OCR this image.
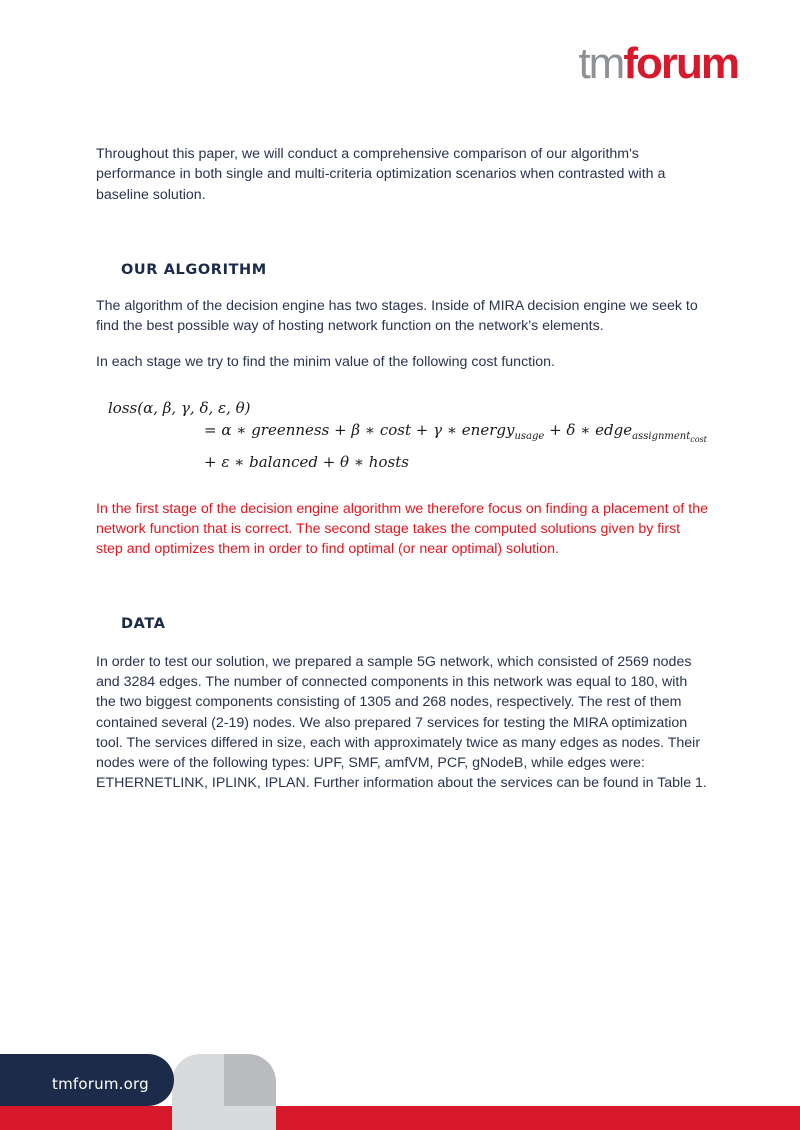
tmforum

Throughout this paper, we will conduct a comprehensive comparison of our algorithm's performance in both single and multi-criteria optimization scenarios when contrasted with a baseline solution.

OUR ALGORITHM

The algorithm of the decision engine has two stages. Inside of MIRA decision engine we seek to find the best possible way of hosting network function on the network’s elements.

In each stage we try to find the minim value of the following cost function.

loss(α, β, γ, δ, ε, θ)
= α ∗ greenness + β ∗ cost + γ ∗ energy$_{usage}$ + δ ∗ edge$_{assignment_{cost}}$
+ ε ∗ balanced + θ ∗ hosts

In the first stage of the decision engine algorithm we therefore focus on finding a placement of the network function that is correct. The second stage takes the computed solutions given by first step and optimizes them in order to find optimal (or near optimal) solution.

DATA

In order to test our solution, we prepared a sample 5G network, which consisted of 2569 nodes and 3284 edges. The number of connected components in this network was equal to 180, with the two biggest components consisting of 1305 and 268 nodes, respectively. The rest of them contained several (2-19) nodes. We also prepared 7 services for testing the MIRA optimization tool. The services differed in size, each with approximately twice as many edges as nodes. Their nodes were of the following types: UPF, SMF, amfVM, PCF, gNodeB, while edges were: ETHERNETLINK, IPLINK, IPLAN. Further information about the services can be found in Table 1.

tmforum.org
